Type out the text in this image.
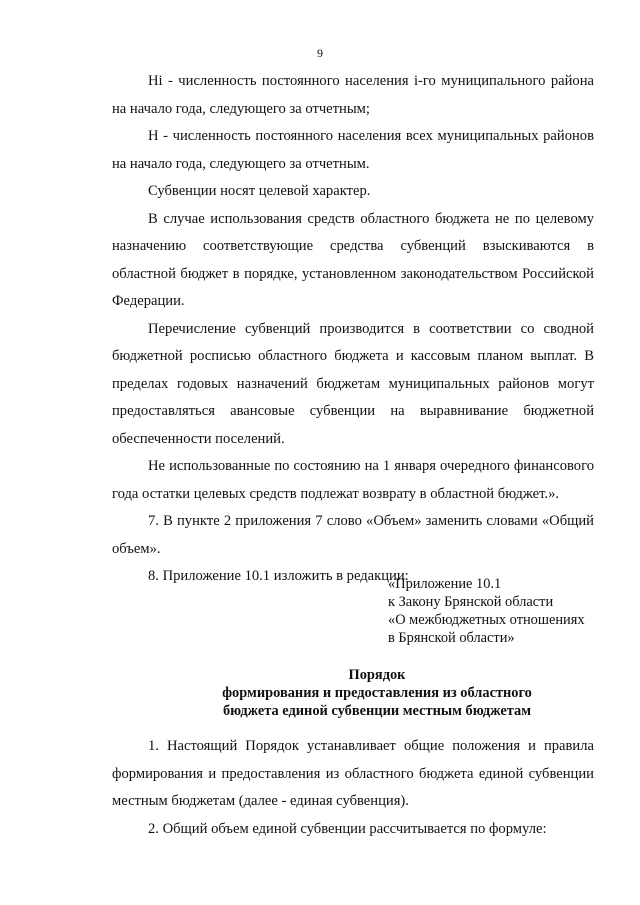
9

Hi - численность постоянного населения i-го муниципального района на начало года, следующего за отчетным;

H - численность постоянного населения всех муниципальных районов на начало года, следующего за отчетным.

Субвенции носят целевой характер.

В случае использования средств областного бюджета не по целевому назначению соответствующие средства субвенций взыскиваются в областной бюджет в порядке, установленном законодательством Российской Федерации.

Перечисление субвенций производится в соответствии со сводной бюджетной росписью областного бюджета и кассовым планом выплат. В пределах годовых назначений бюджетам муниципальных районов могут предоставляться авансовые субвенции на выравнивание бюджетной обеспеченности поселений.

Не использованные по состоянию на 1 января очередного финансового года остатки целевых средств подлежат возврату в областной бюджет.».

7. В пункте 2 приложения 7 слово «Объем» заменить словами «Общий объем».

8. Приложение 10.1 изложить в редакции:

«Приложение 10.1
к Закону Брянской области
«О межбюджетных отношениях
в Брянской области»
Порядок
формирования и предоставления из областного
бюджета единой субвенции местным бюджетам

1. Настоящий Порядок устанавливает общие положения и правила формирования и предоставления из областного бюджета единой субвенции местным бюджетам (далее - единая субвенция).

2. Общий объем единой субвенции рассчитывается по формуле:
